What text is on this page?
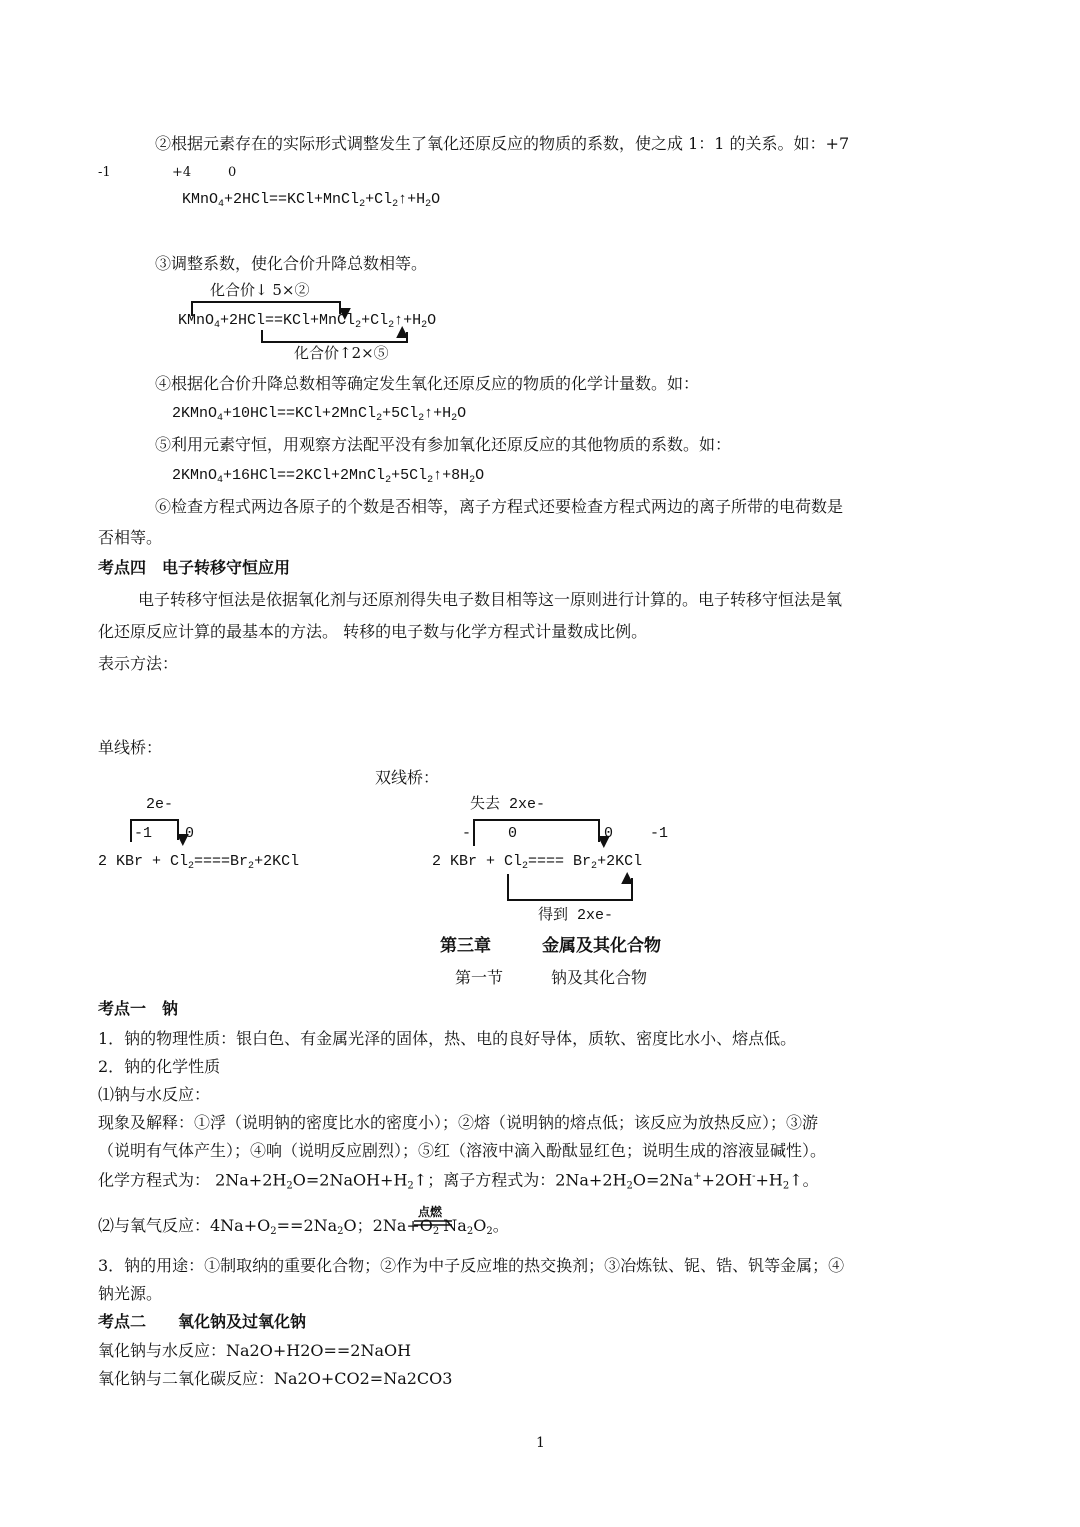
②根据元素存在的实际形式调整发生了氧化还原反应的物质的系数，使之成 1：1 的关系。如：+7
-1	+4	0
$KMnO_4+2HCl==KCl+MnCl_2+Cl_2↑+H_2O$
③调整系数，使化合价升降总数相等。
化合价↓ 5×②
$KMnO_4+2HCl==KCl+MnCl_2+Cl_2↑+H_2O$
化合价↑2×⑤
④根据化合价升降总数相等确定发生氧化还原反应的物质的化学计量数。如：
$2KMnO_4+10HCl==KCl+2MnCl_2+5Cl_2↑+H_2O$
⑤利用元素守恒，用观察方法配平没有参加氧化还原反应的其他物质的系数。如：
$2KMnO_4+16HCl==2KCl+2MnCl_2+5Cl_2↑+8H_2O$
⑥检查方程式两边各原子的个数是否相等，离子方程式还要检查方程式两边的离子所带的电荷数是
否相等。
考点四　电子转移守恒应用
电子转移守恒法是依据氧化剂与还原剂得失电子数目相等这一原则进行计算的。电子转移守恒法是氧
化还原反应计算的最基本的方法。 转移的电子数与化学方程式计量数成比例。
表示方法：
单线桥：
2e-
-1 0
2 KBr + $Cl_2====Br_2+2KCl$
双线桥：
失去 2xe-
- 0	0 -1
2 KBr + $Cl_2==== Br_2+2KCl$
得到 2xe-
第三章　　　金属及其化合物
第一节　　　钠及其化合物
考点一　钠
1．钠的物理性质：银白色、有金属光泽的固体，热、电的良好导体，质软、密度比水小、熔点低。
2．钠的化学性质
⑴钠与水反应：
现象及解释：①浮（说明钠的密度比水的密度小）；②熔（说明钠的熔点低；该反应为放热反应）；③游
（说明有气体产生）；④响（说明反应剧烈）；⑤红（溶液中滴入酚酞显红色；说明生成的溶液显碱性）。
化学方程式为： $2Na+2H_2O=2NaOH+H_2↑$；离子方程式为：$2Na+2H_2O=2Na^++2OH^-+H_2↑$。
⑵与氧气反应：$4Na+O_2==2Na_2O$；$2Na+O_2$ $Na_2O_2$。
点燃
3．钠的用途：①制取纳的重要化合物；②作为中子反应堆的热交换剂；③冶炼钛、铌、锆、钒等金属；④
钠光源。
考点二　　氧化钠及过氧化钠
氧化钠与水反应：Na2O+H2O==2NaOH
氧化钠与二氧化碳反应：Na2O+CO2=Na2CO3
1
